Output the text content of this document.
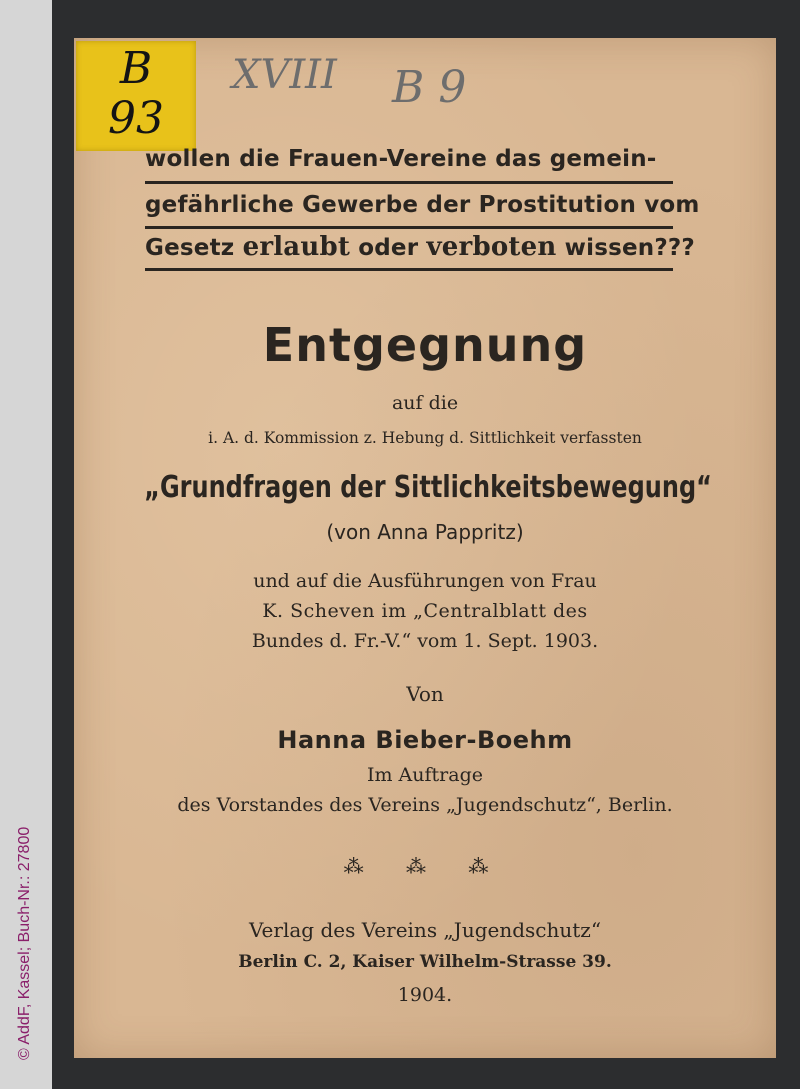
© AddF, Kassel; Buch-Nr.: 27800
B
93
XVIII B 9
wollen die Frauen-Vereine das gemein-
gefährliche Gewerbe der Prostitution vom
Gesetz erlaubt oder verboten wissen???
Entgegnung
auf die
i. A. d. Kommission z. Hebung d. Sittlichkeit verfassten
„Grundfragen der Sittlichkeitsbewegung“
(von Anna Pappritz)
und auf die Ausführungen von Frau
K. Scheven im „Centralblatt des
Bundes d. Fr.-V.“ vom 1. Sept. 1903.
Von
Hanna Bieber-Boehm
Im Auftrage
des Vorstandes des Vereins „Jugendschutz“, Berlin.
⁂ ⁂ ⁂
Verlag des Vereins „Jugendschutz“
Berlin C. 2, Kaiser Wilhelm-Strasse 39.
1904.
